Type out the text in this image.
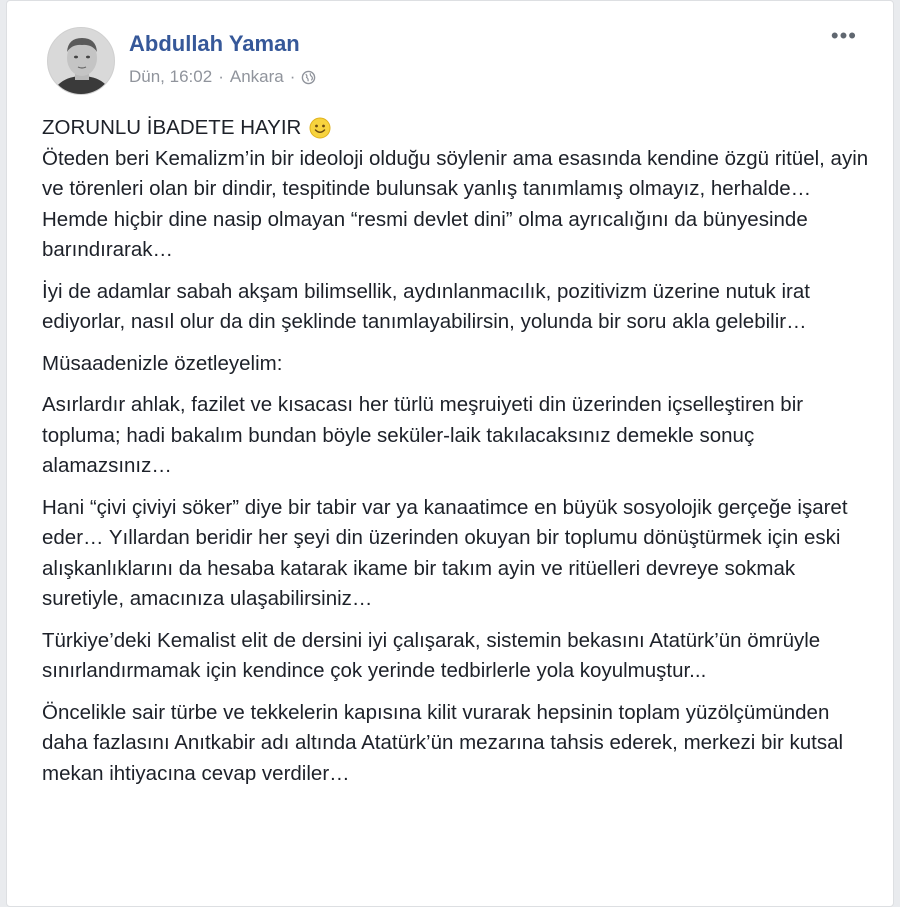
Abdullah Yaman
Dün, 16:02 · Ankara ·
•••

ZORUNLU İBADETE HAYIR

Öteden beri Kemalizm’in bir ideoloji olduğu söylenir ama esasında kendine özgü ritüel, ayin ve törenleri olan bir dindir, tespitinde bulunsak yanlış tanımlamış olmayız, herhalde… Hemde hiçbir dine nasip olmayan “resmi devlet dini” olma ayrıcalığını da bünyesinde barındırarak…

İyi de adamlar sabah akşam bilimsellik, aydınlanmacılık, pozitivizm üzerine nutuk irat ediyorlar, nasıl olur da din şeklinde tanımlayabilirsin, yolunda bir soru akla gelebilir…

Müsaadenizle özetleyelim:

Asırlardır ahlak, fazilet ve kısacası her türlü meşruiyeti din üzerinden içselleştiren bir topluma; hadi bakalım bundan böyle seküler-laik takılacaksınız demekle sonuç alamazsınız…

Hani “çivi çiviyi söker” diye bir tabir var ya kanaatimce en büyük sosyolojik gerçeğe işaret eder… Yıllardan beridir her şeyi din üzerinden okuyan bir toplumu dönüştürmek için eski alışkanlıklarını da hesaba katarak ikame bir takım ayin ve ritüelleri devreye sokmak suretiyle, amacınıza ulaşabilirsiniz…

Türkiye’deki Kemalist elit de dersini iyi çalışarak, sistemin bekasını Atatürk’ün ömrüyle sınırlandırmamak için kendince çok yerinde tedbirlerle yola koyulmuştur...

Öncelikle sair türbe ve tekkelerin kapısına kilit vurarak hepsinin toplam yüzölçümünden daha fazlasını Anıtkabir adı altında Atatürk’ün mezarına tahsis ederek, merkezi bir kutsal mekan ihtiyacına cevap verdiler…
